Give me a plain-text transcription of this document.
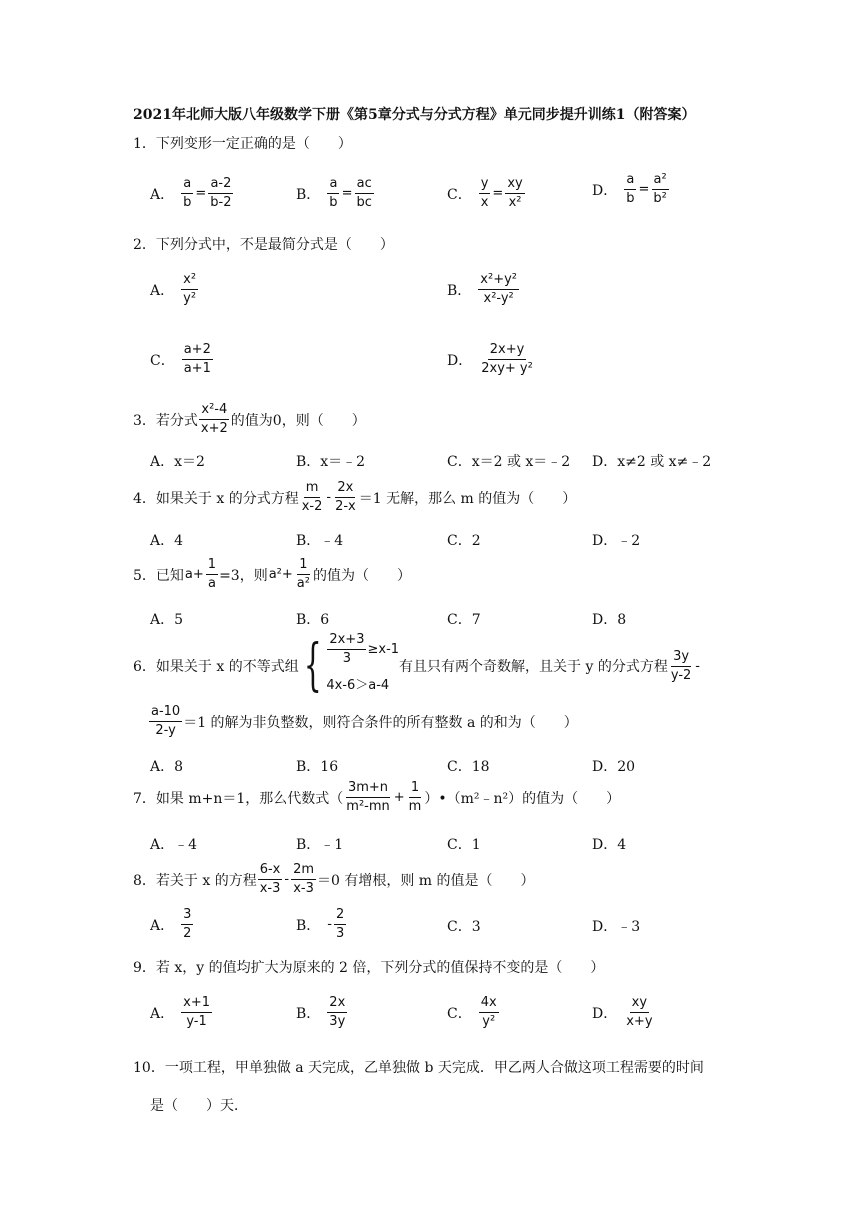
2021年北师大版八年级数学下册《第5章分式与分式方程》单元同步提升训练1（附答案）
1．下列变形一定正确的是（　　）
A． $\frac{a}{b} = \frac{a-2}{b-2}$	B． $\frac{a}{b} = \frac{ac}{bc}$	C． $\frac{y}{x} = \frac{xy}{\text{x²}}$	D． $\frac{a}{b} = \frac{\text{a²}}{\text{b²}}$
2．下列分式中，不是最简分式是（　　）
A． $\frac{\text{x²}}{\text{y²}}$	B． $\frac{\text{x²+y²}}{\text{x²-y²}}$
C． $\frac{a+2}{a+1}$	D． $\frac{2x+y}{\text{2xy+ y²}}$
3．若分式 $\frac{\text{x²-4}}{x+2}$ 的值为0，则（　　）
A．x＝2	B．x＝﹣2	C．x＝2 或 x＝﹣2 D．x≠2 或 x≠﹣2
4．如果关于 x 的分式方程 $\frac{m}{x-2} - \frac{2x}{2-x} =1$ 无解，那么 m 的值为（　　）
A．4	B．﹣4	C．2	D．﹣2
5．已知 $a+ \frac{1}{a} =3$，则 $a^2+ \frac{1}{\text{a²}}$ 的值为（　　）
A．5	B．6	C．7	D．8
6．如果关于 x 的不等式组 { $\frac{2x+3}{3} \ge x-1$
4x-6＞a-4
有且只有两个奇数解，且关于 y 的分式方程 $\frac{3y}{y-2}$ -
$\frac{a-10}{2-y} =1$ 的解为非负整数，则符合条件的所有整数 a 的和为（　　）
A．8	B．16	C．18	D．20
7．如果 m+n＝1，那么代数式（ $\frac{3m+n}{\text{m²-mn}} + \frac{1}{m}$ ）•（m²﹣n²）的值为（　　）
A．﹣4	B．﹣1	C．1	D．4
8．若关于 x 的方程 $\frac{6-x}{x-3} - \frac{2m}{x-3} =0$ 有增根，则 m 的值是（　　）
A． $\frac{3}{2}$	B． - $\frac{2}{3}$	C．3	D．﹣3
9．若 x，y 的值均扩大为原来的 2 倍，下列分式的值保持不变的是（　　）
A． $\frac{x+1}{y-1}$	B． $\frac{2x}{3y}$	C． $\frac{4x}{\text{y²}}$	D． $\frac{xy}{x+y}$
10．一项工程，甲单独做 a 天完成，乙单独做 b 天完成．甲乙两人合做这项工程需要的时间
是（　　）天．
